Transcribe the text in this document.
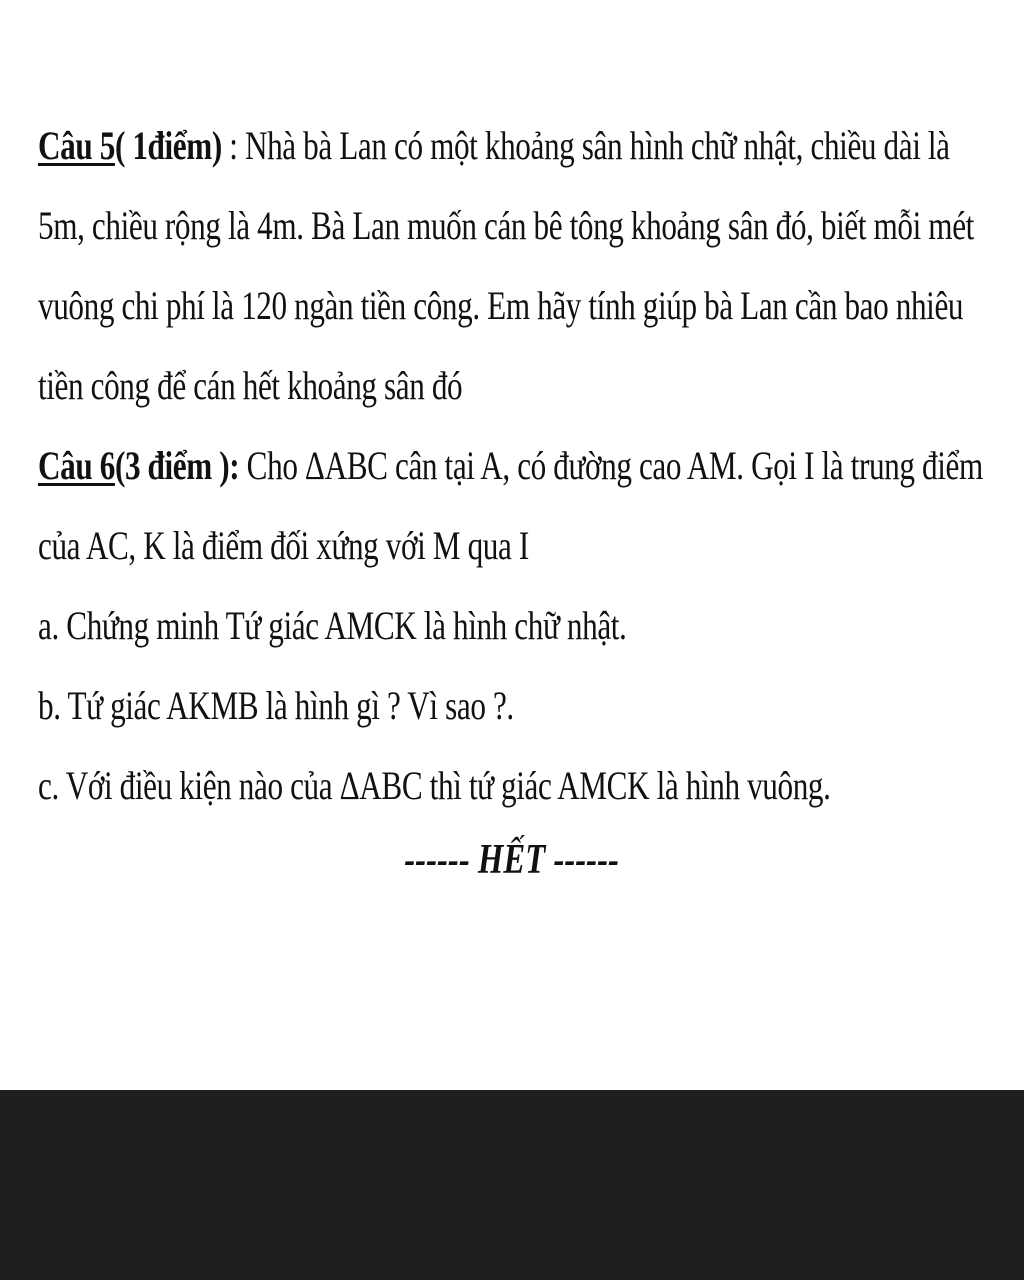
Câu 5( 1điểm) : Nhà bà Lan có một khoảng sân hình chữ nhật, chiều dài là
5m, chiều rộng là 4m. Bà Lan muốn cán bê tông khoảng sân đó, biết mỗi mét
vuông chi phí là 120 ngàn tiền công. Em hãy tính giúp bà Lan cần bao nhiêu
tiền công để cán hết khoảng sân đó
Câu 6(3 điểm ): Cho ΔABC cân tại A, có đường cao AM. Gọi I là trung điểm
của AC, K là điểm đối xứng với M qua I
a. Chứng minh Tứ giác AMCK là hình chữ nhật.
b. Tứ giác AKMB là hình gì ? Vì sao ?.
c. Với điều kiện nào của ΔABC thì tứ giác AMCK là hình vuông.
------ HẾT ------
